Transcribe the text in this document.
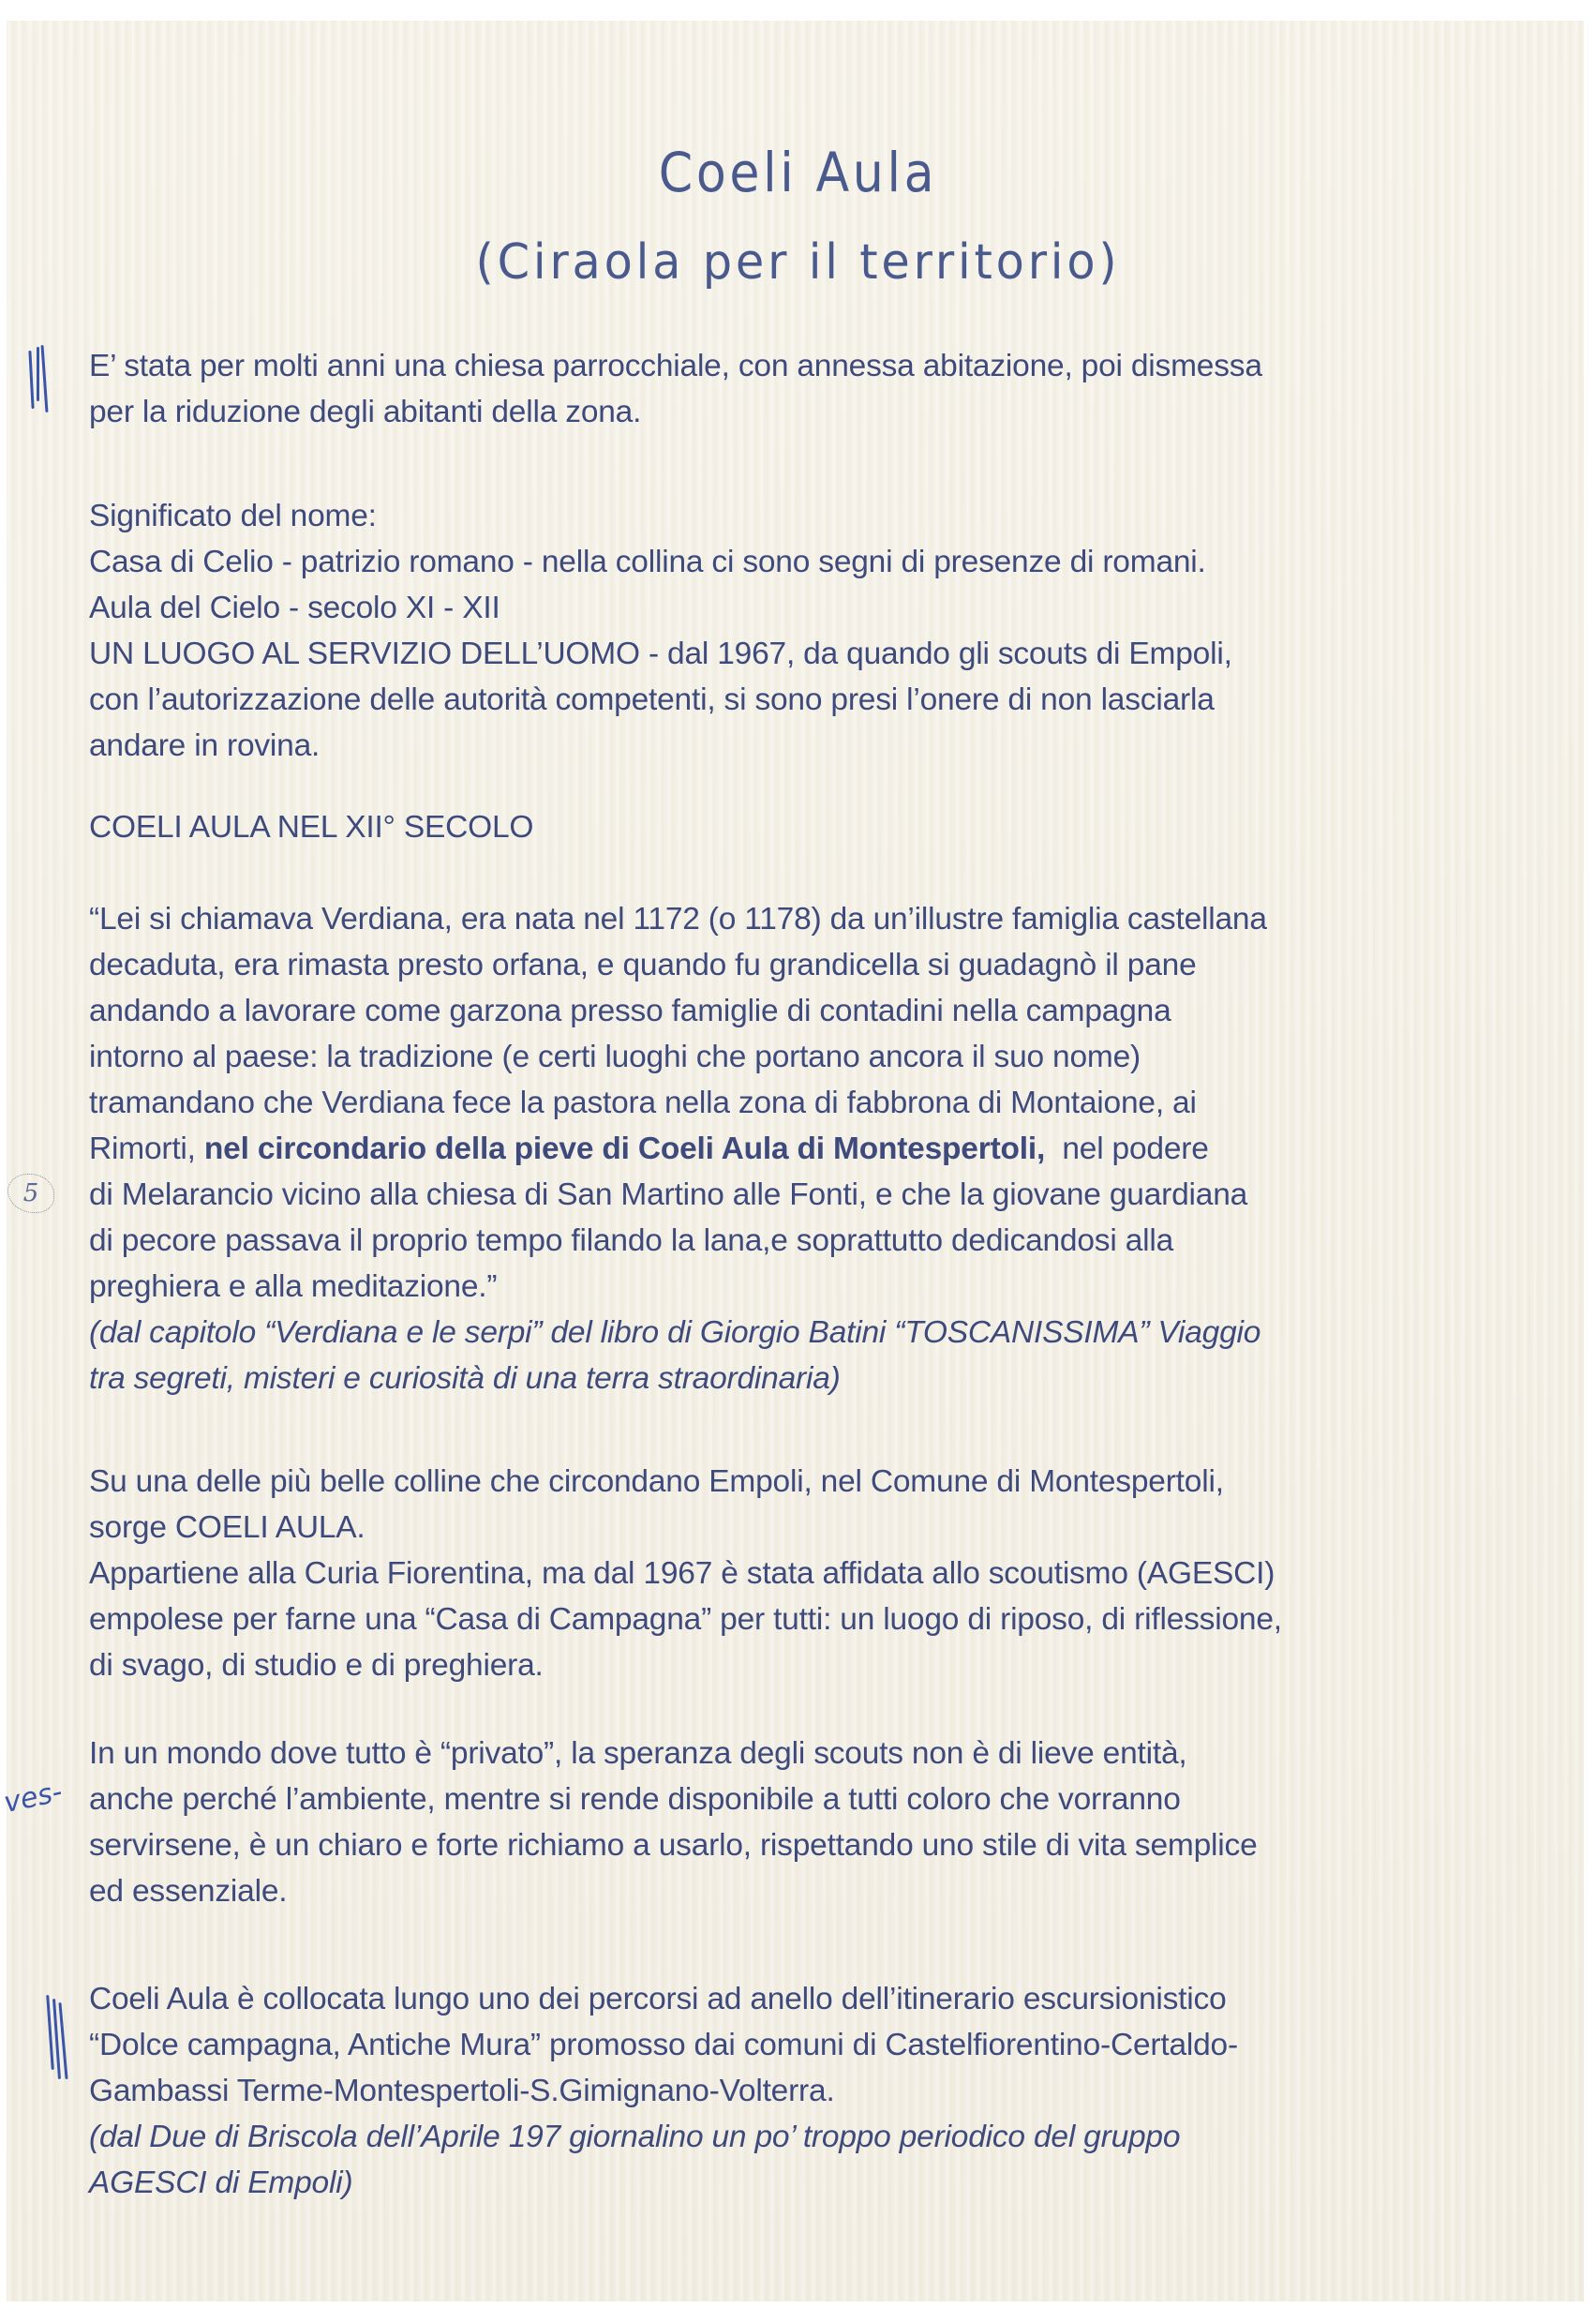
Coeli Aula
(Ciraola per il territorio)
5
ves-
E’ stata per molti anni una chiesa parrocchiale, con annessa abitazione, poi dismessa
per la riduzione degli abitanti della zona.
Significato del nome:
Casa di Celio - patrizio romano - nella collina ci sono segni di presenze di romani.
Aula del Cielo - secolo XI - XII
UN LUOGO AL SERVIZIO DELL’UOMO - dal 1967, da quando gli scouts di Empoli,
con l’autorizzazione delle autorità competenti, si sono presi l’onere di non lasciarla
andare in rovina.
COELI AULA NEL XII° SECOLO
“Lei si chiamava Verdiana, era nata nel 1172 (o 1178) da un’illustre famiglia castellana
decaduta, era rimasta presto orfana, e quando fu grandicella si guadagnò il pane
andando a lavorare come garzona presso famiglie di contadini nella campagna
intorno al paese: la tradizione (e certi luoghi che portano ancora il suo nome)
tramandano che Verdiana fece la pastora nella zona di fabbrona di Montaione, ai
Rimorti, nel circondario della pieve di Coeli Aula di Montespertoli,  nel podere
di Melarancio vicino alla chiesa di San Martino alle Fonti, e che la giovane guardiana
di pecore passava il proprio tempo filando la lana,e soprattutto dedicandosi alla
preghiera e alla meditazione.”
(dal capitolo “Verdiana e le serpi” del libro di Giorgio Batini “TOSCANISSIMA” Viaggio
tra segreti, misteri e curiosità di una terra straordinaria)
Su una delle più belle colline che circondano Empoli, nel Comune di Montespertoli,
sorge COELI AULA.
Appartiene alla Curia Fiorentina, ma dal 1967 è stata affidata allo scoutismo (AGESCI)
empolese per farne una “Casa di Campagna” per tutti: un luogo di riposo, di riflessione,
di svago, di studio e di preghiera.
In un mondo dove tutto è “privato”, la speranza degli scouts non è di lieve entità,
anche perché l’ambiente, mentre si rende disponibile a tutti coloro che vorranno
servirsene, è un chiaro e forte richiamo a usarlo, rispettando uno stile di vita semplice
ed essenziale.
Coeli Aula è collocata lungo uno dei percorsi ad anello dell’itinerario escursionistico
“Dolce campagna, Antiche Mura” promosso dai comuni di Castelfiorentino-Certaldo-
Gambassi Terme-Montespertoli-S.Gimignano-Volterra.
(dal Due di Briscola dell’Aprile 197 giornalino un po’ troppo periodico del gruppo
AGESCI di Empoli)
